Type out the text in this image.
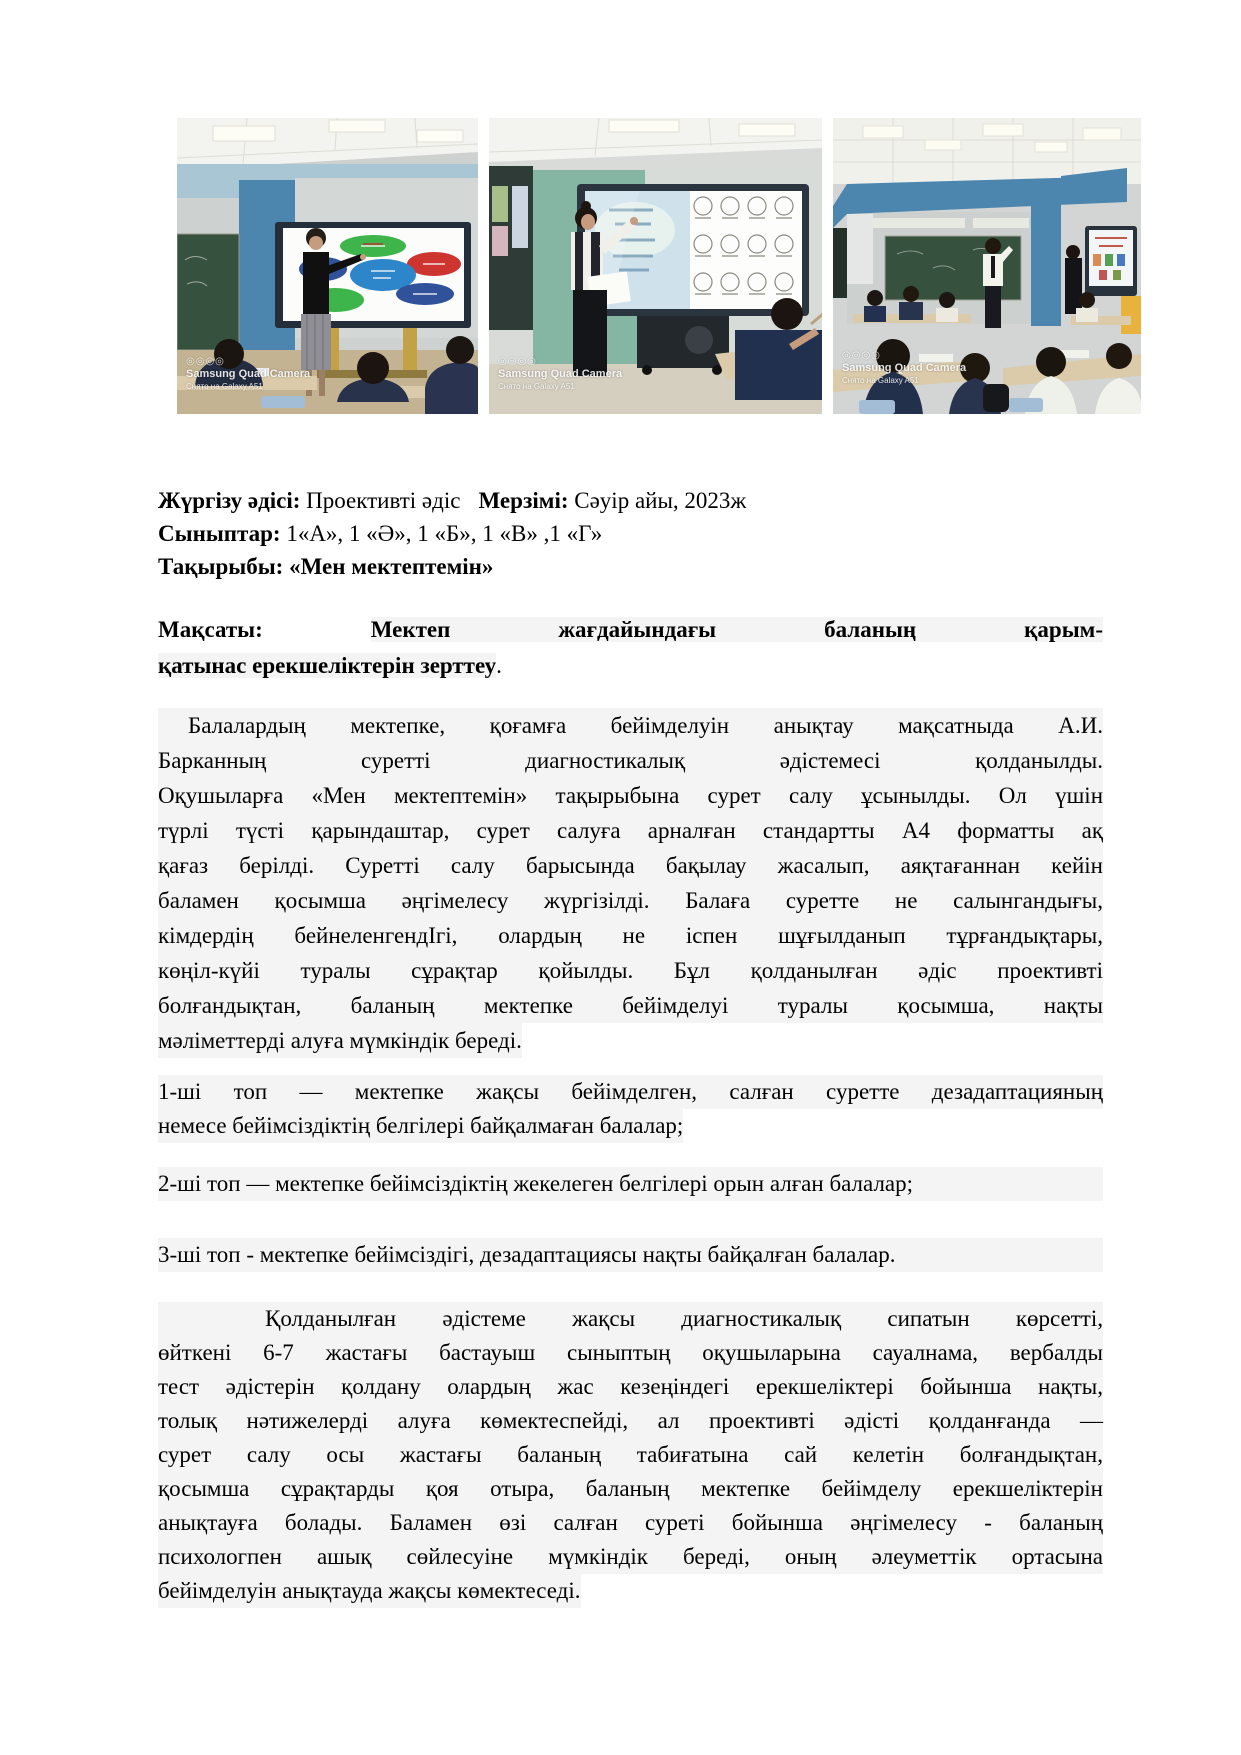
◎◎◎◎
Samsung Quad Camera
Снято на Galaxy A51
◎◎◎◎
Samsung Quad Camera
Снято на Galaxy A51
◎◎◎◎
Samsung Quad Camera
Снято на Galaxy A51
Жүргізу әдісі: Проективті әдіс Мерзімі: Сәуір айы, 2023ж
Сыныптар: 1«А», 1 «Ә», 1 «Б», 1 «В» ,1 «Г»
Тақырыбы: «Мен мектептемін»
Мақсаты:	Мектеп жағдайындағы баланың қарым-
қатынас ерекшеліктерін зерттеу.
Балалардың мектепке, қоғамға бейімделуін анықтау мақсатныда А.И.
Барканның суретті диагностикалық әдістемесі қолданылды.
Оқушыларға «Мен мектептемін» тақырыбына сурет салу ұсынылды. Ол үшін
түрлі түсті қарындаштар, сурет салуға арналған стандартты А4 форматты ақ
қағаз берілді. Суретті салу барысында бақылау жасалып, аяқтағаннан кейін
баламен қосымша әңгімелесу жүргізілді. Балаға суретте не салынгандығы,
кімдердің бейнеленгендІгі, олардың не іспен шұғылданып тұрғандықтары,
көңіл-күйі туралы сұрақтар қойылды. Бұл қолданылған әдіс проективті
болғандықтан, баланың мектепке бейімделуі туралы қосымша, нақты
мәліметтерді алуға мүмкіндік береді.
1-ші топ — мектепке жақсы бейімделген, салған суретте дезадаптацияның
немесе бейімсіздіктің белгілері байқалмаған балалар;
2-ші топ — мектепке бейімсіздіктің жекелеген белгілері орын алған балалар;
3-ші топ - мектепке бейімсіздігі, дезадаптациясы нақты байқалған балалар.
Қолданылған әдістеме жақсы диагностикалық сипатын көрсетті,
өйткені 6-7 жастағы бастауыш сыныптың оқушыларына сауалнама, вербалды
тест әдістерін қолдану олардың жас кезеңіндегі ерекшеліктері бойынша нақты,
толық нәтижелерді алуға көмектеспейді, ал проективті әдісті қолданғанда —
сурет салу осы жастағы баланың табиғатына сай келетін болғандықтан,
қосымша сұрақтарды қоя отыра, баланың мектепке бейімделу ерекшеліктерін
анықтауға болады. Баламен өзі салған суреті бойынша әңгімелесу - баланың
психологпен ашық сөйлесуіне мүмкіндік береді, оның әлеуметтік ортасына
бейімделуін анықтауда жақсы көмектеседі.
